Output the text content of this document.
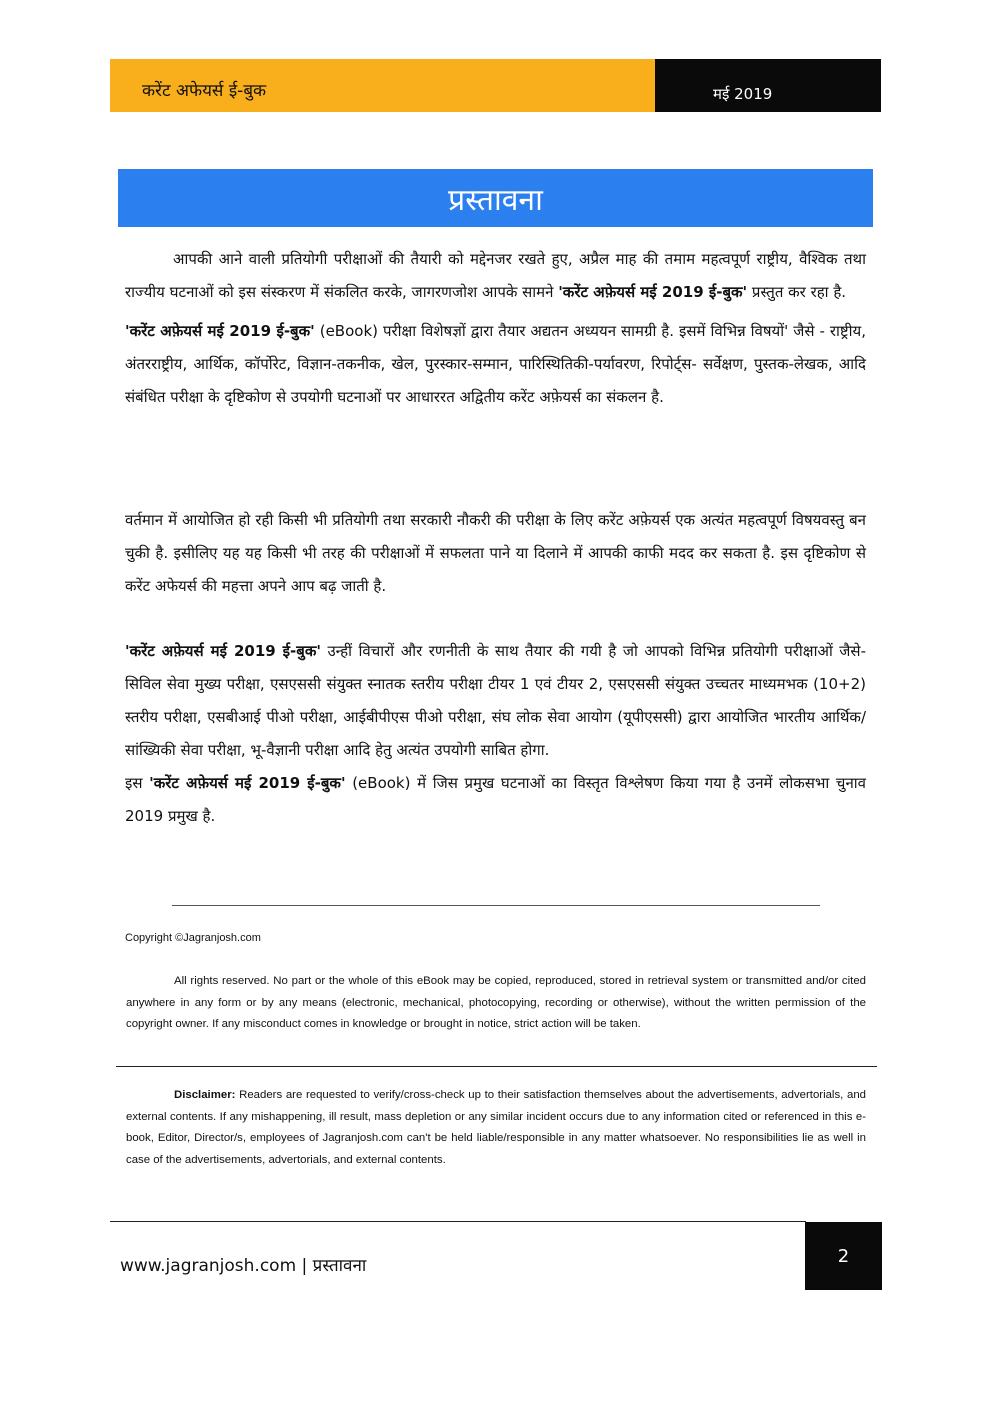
करेंट अफेयर्स ई-बुक	मई 2019
प्रस्तावना

आपकी आने वाली प्रतियोगी परीक्षाओं की तैयारी को मद्देनजर रखते हुए, अप्रैल माह की तमाम महत्वपूर्ण राष्ट्रीय, वैश्विक तथा राज्यीय घटनाओं को इस संस्करण में संकलित करके, जागरणजोश आपके सामने 'करेंट अफ़ेयर्स मई 2019 ई-बुक' प्रस्तुत कर रहा है.

'करेंट अफ़ेयर्स मई 2019 ई-बुक' (eBook) परीक्षा विशेषज्ञों द्वारा तैयार अद्यतन अध्ययन सामग्री है. इसमें विभिन्न विषयों' जैसे - राष्ट्रीय, अंतरराष्ट्रीय, आर्थिक, कॉर्पोरेट, विज्ञान-तकनीक, खेल, पुरस्कार-सम्मान, पारिस्थितिकी-पर्यावरण, रिपोर्ट्स- सर्वेक्षण, पुस्तक-लेखक, आदि संबंधित परीक्षा के दृष्टिकोण से उपयोगी घटनाओं पर आधाररत अद्वितीय करेंट अफ़ेयर्स का संकलन है.

वर्तमान में आयोजित हो रही किसी भी प्रतियोगी तथा सरकारी नौकरी की परीक्षा के लिए करेंट अफ़ेयर्स एक अत्यंत महत्वपूर्ण विषयवस्तु बन चुकी है. इसीलिए यह यह किसी भी तरह की परीक्षाओं में सफलता पाने या दिलाने में आपकी काफी मदद कर सकता है. इस दृष्टिकोण से करेंट अफेयर्स की महत्ता अपने आप बढ़ जाती है.

'करेंट अफ़ेयर्स मई 2019 ई-बुक' उन्हीं विचारों और रणनीती के साथ तैयार की गयी है जो आपको विभिन्न प्रतियोगी परीक्षाओं जैसे- सिविल सेवा मुख्य परीक्षा, एसएससी संयुक्त स्नातक स्तरीय परीक्षा टीयर 1 एवं टीयर 2, एसएससी संयुक्त उच्चतर माध्यमभक (10+2) स्तरीय परीक्षा, एसबीआई पीओ परीक्षा, आईबीपीएस पीओ परीक्षा, संघ लोक सेवा आयोग (यूपीएससी) द्वारा आयोजित भारतीय आर्थिक/सांख्यिकी सेवा परीक्षा, भू-वैज्ञानी परीक्षा आदि हेतु अत्यंत उपयोगी साबित होगा.

इस 'करेंट अफ़ेयर्स मई 2019 ई-बुक' (eBook) में जिस प्रमुख घटनाओं का विस्तृत विश्लेषण किया गया है उनमें लोकसभा चुनाव 2019 प्रमुख है.

Copyright ©Jagranjosh.com

All rights reserved. No part or the whole of this eBook may be copied, reproduced, stored in retrieval system or transmitted and/or cited anywhere in any form or by any means (electronic, mechanical, photocopying, recording or otherwise), without the written permission of the copyright owner. If any misconduct comes in knowledge or brought in notice, strict action will be taken.

Disclaimer: Readers are requested to verify/cross-check up to their satisfaction themselves about the advertisements, advertorials, and external contents. If any mishappening, ill result, mass depletion or any similar incident occurs due to any information cited or referenced in this e-book, Editor, Director/s, employees of Jagranjosh.com can't be held liable/responsible in any matter whatsoever. No responsibilities lie as well in case of the advertisements, advertorials, and external contents.

www.jagranjosh.com | प्रस्तावना	2
